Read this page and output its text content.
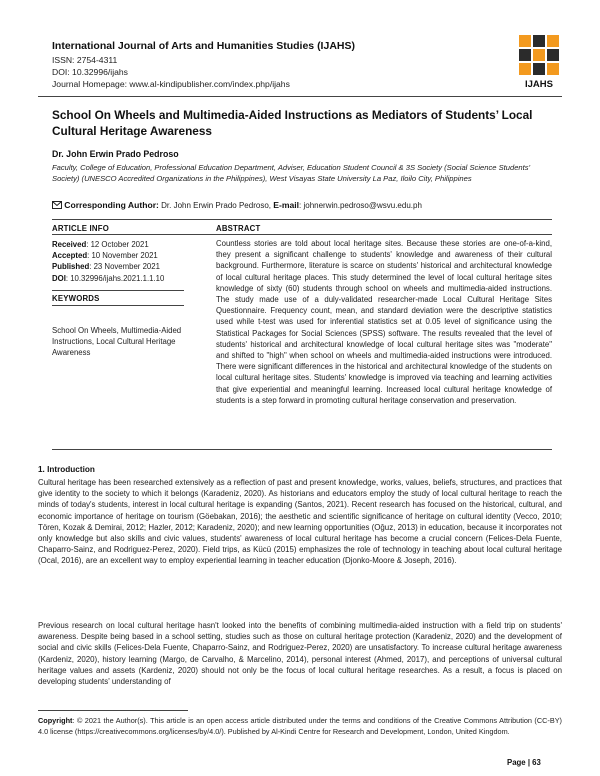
International Journal of Arts and Humanities Studies (IJAHS)
ISSN: 2754-4311
DOI: 10.32996/ijahs
Journal Homepage: www.al-kindipublisher.com/index.php/ijahs	IJAHS
School On Wheels and Multimedia-Aided Instructions as Mediators of Students’ Local Cultural Heritage Awareness
Dr. John Erwin Prado Pedroso
Faculty, College of Education, Professional Education Department, Adviser, Education Student Council & 3S Society (Social Science Students’ Society) (UNESCO Accredited Organizations in the Philippines), West Visayas State University La Paz, Iloilo City, Philippines
Corresponding Author: Dr. John Erwin Prado Pedroso, E-mail: johnerwin.pedroso@wsvu.edu.ph
ARTICLE INFO	ABSTRACT
Received: 12 October 2021
Accepted: 10 November 2021
Published: 23 November 2021
DOI: 10.32996/ijahs.2021.1.1.10
KEYWORDS
School On Wheels, Multimedia-Aided Instructions, Local Cultural Heritage Awareness
Countless stories are told about local heritage sites. Because these stories are one-of-a-kind, they present a significant challenge to students' knowledge and awareness of their cultural background. Furthermore, literature is scarce on students' historical and architectural knowledge of local cultural heritage places. This study determined the level of local cultural heritage sites knowledge of sixty (60) students through school on wheels and multimedia-aided instructions. The study made use of a duly-validated researcher-made Local Cultural Heritage Sites Questionnaire. Frequency count, mean, and standard deviation were the descriptive statistics used while t-test was used for inferential statistics set at 0.05 level of significance using the Statistical Packages for Social Sciences (SPSS) software. The results revealed that the level of students' historical and architectural knowledge of local cultural heritage sites was "moderate" and shifted to "high" when school on wheels and multimedia-aided instructions were introduced. There were significant differences in the historical and architectural knowledge of the students on local cultural heritage sites. Students' knowledge is improved via teaching and learning activities that give experiential and meaningful learning. Increased local cultural heritage knowledge of students is a step forward in promoting cultural heritage conservation and preservation.
1. Introduction
Cultural heritage has been researched extensively as a reflection of past and present knowledge, works, values, beliefs, structures, and practices that give identity to the society to which it belongs (Karadeniz, 2020). As historians and educators employ the study of local cultural heritage to reach the minds of today's students, interest in local cultural heritage is expanding (Santos, 2021). Recent research has focused on the historical, cultural, and economic importance of heritage on tourism (Göebakan, 2016); the aesthetic and scientific significance of heritage on cultural identity (Vecco, 2010; Tören, Kozak & Demirai, 2012; Hazler, 2012; Karadeniz, 2020); and new learning opportunities (Oğuz, 2013) in education, because it incorporates not only knowledge but also skills and civic values, students' awareness of local cultural heritage has become a crucial concern (Felices-Dela Fuente, Chaparro-Sainz, and Rodriguez-Perez, 2020). Field trips, as Kücü (2015) emphasizes the role of technology in teaching about local cultural heritage (Ocal, 2016), are an excellent way to employ experiential learning in teacher education (Djonko-Moore & Joseph, 2016).
Previous research on local cultural heritage hasn't looked into the benefits of combining multimedia-aided instruction with a field trip on students' awareness. Despite being based in a school setting, studies such as those on cultural heritage protection (Karadeniz, 2020) and the development of social and civic skills (Felices-Dela Fuente, Chaparro-Sainz, and Rodriguez-Perez, 2020) are unsatisfactory. To increase cultural heritage awareness (Kardeniz, 2020), history learning (Margo, de Carvalho, & Marcelino, 2014), personal interest (Ahmed, 2017), and perceptions of universal cultural heritage values and assets (Kardeniz, 2020) should not only be the focus of local cultural heritage researches. As a result, a focus is placed on developing students' understanding of
Copyright: © 2021 the Author(s). This article is an open access article distributed under the terms and conditions of the Creative Commons Attribution (CC-BY) 4.0 license (https://creativecommons.org/licenses/by/4.0/). Published by Al-Kindi Centre for Research and Development, London, United Kingdom.
Page | 63
